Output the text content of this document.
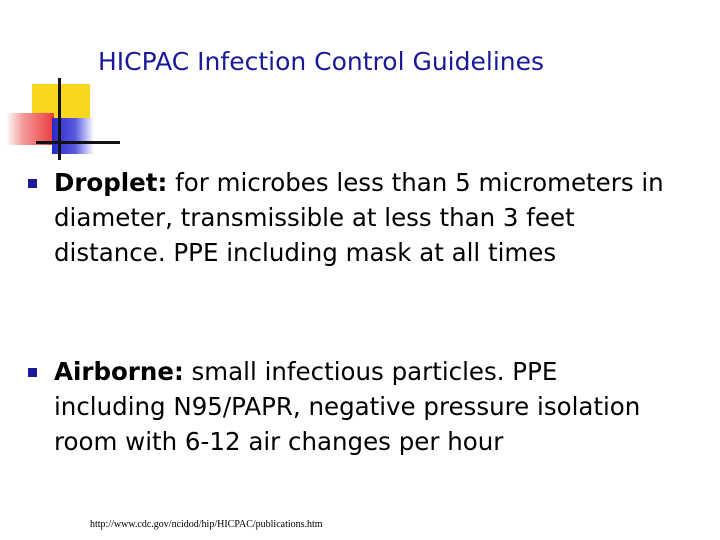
HICPAC Infection Control Guidelines
Droplet: for microbes less than 5 micrometers in diameter, transmissible at less than 3 feet distance. PPE including mask at all times
Airborne: small infectious particles. PPE including N95/PAPR, negative pressure isolation room with 6-12 air changes per hour
http://www.cdc.gov/ncidod/hip/HICPAC/publications.htm
